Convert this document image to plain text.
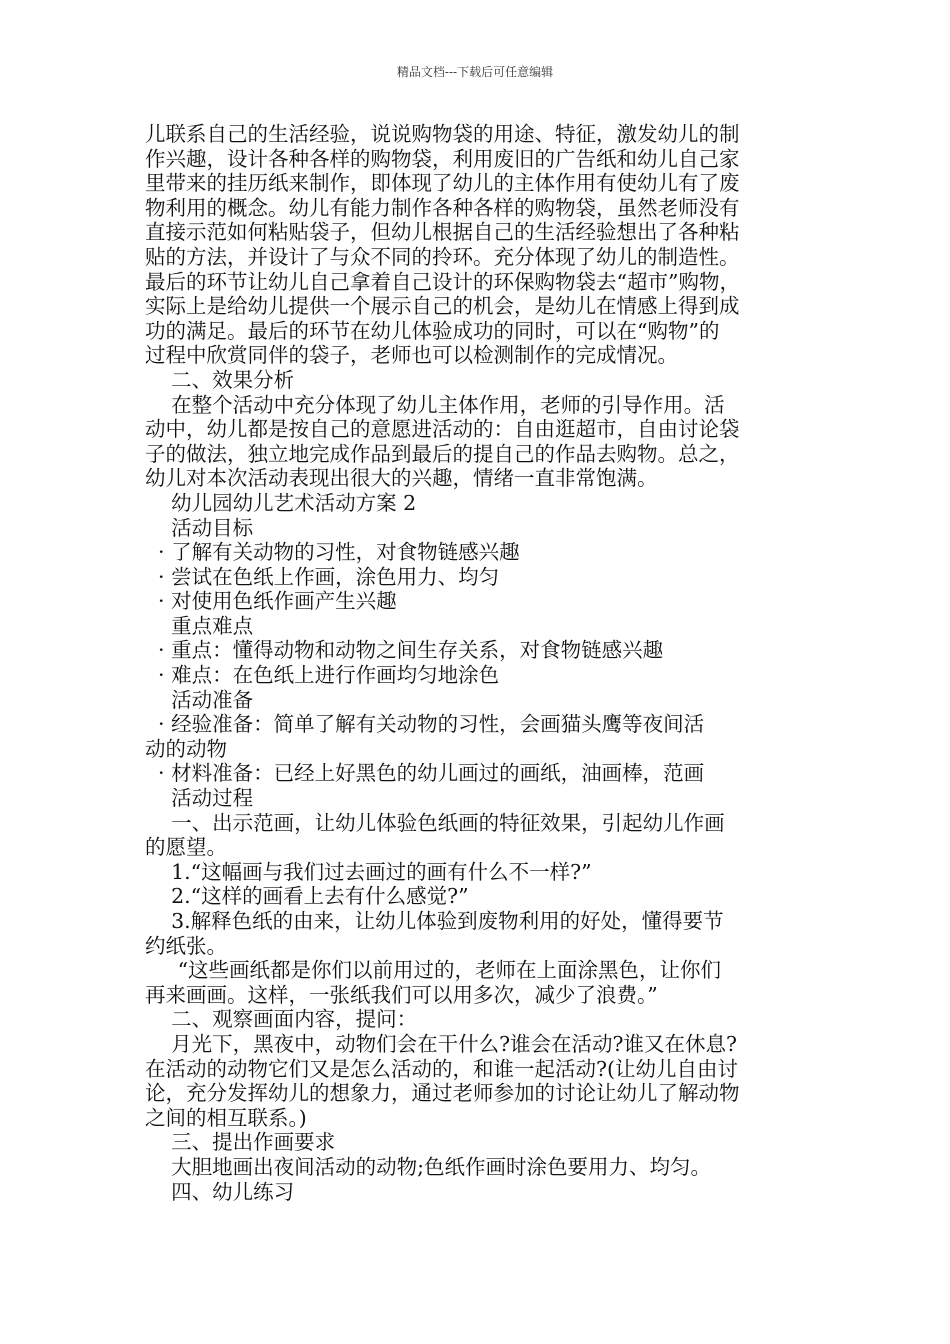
精品文档---下载后可任意编辑
儿联系自己的生活经验，说说购物袋的用途、特征，激发幼儿的制
作兴趣，设计各种各样的购物袋，利用废旧的广告纸和幼儿自己家
里带来的挂历纸来制作，即体现了幼儿的主体作用有使幼儿有了废
物利用的概念。幼儿有能力制作各种各样的购物袋，虽然老师没有
直接示范如何粘贴袋子，但幼儿根据自己的生活经验想出了各种粘
贴的方法，并设计了与众不同的拎环。充分体现了幼儿的制造性。
最后的环节让幼儿自己拿着自己设计的环保购物袋去“超市”购物，
实际上是给幼儿提供一个展示自己的机会，是幼儿在情感上得到成
功的满足。最后的环节在幼儿体验成功的同时，可以在“购物”的
过程中欣赏同伴的袋子，老师也可以检测制作的完成情况。
二、效果分析
在整个活动中充分体现了幼儿主体作用，老师的引导作用。活
动中，幼儿都是按自己的意愿进活动的：自由逛超市，自由讨论袋
子的做法，独立地完成作品到最后的提自己的作品去购物。总之，
幼儿对本次活动表现出很大的兴趣，情绪一直非常饱满。
幼儿园幼儿艺术活动方案 2
活动目标
· 了解有关动物的习性，对食物链感兴趣
· 尝试在色纸上作画，涂色用力、均匀
· 对使用色纸作画产生兴趣
重点难点
· 重点：懂得动物和动物之间生存关系，对食物链感兴趣
· 难点：在色纸上进行作画均匀地涂色
活动准备
· 经验准备：简单了解有关动物的习性，会画猫头鹰等夜间活
动的动物
· 材料准备：已经上好黑色的幼儿画过的画纸，油画棒，范画
活动过程
一、出示范画，让幼儿体验色纸画的特征效果，引起幼儿作画
的愿望。
1.“这幅画与我们过去画过的画有什么不一样?”
2.“这样的画看上去有什么感觉?”
3.解释色纸的由来，让幼儿体验到废物利用的好处，懂得要节
约纸张。
“这些画纸都是你们以前用过的，老师在上面涂黑色，让你们
再来画画。这样，一张纸我们可以用多次，减少了浪费。”
二、观察画面内容，提问：
月光下，黑夜中，动物们会在干什么?谁会在活动?谁又在休息?
在活动的动物它们又是怎么活动的，和谁一起活动?(让幼儿自由讨
论，充分发挥幼儿的想象力，通过老师参加的讨论让幼儿了解动物
之间的相互联系。)
三、提出作画要求
大胆地画出夜间活动的动物;色纸作画时涂色要用力、均匀。
四、幼儿练习
